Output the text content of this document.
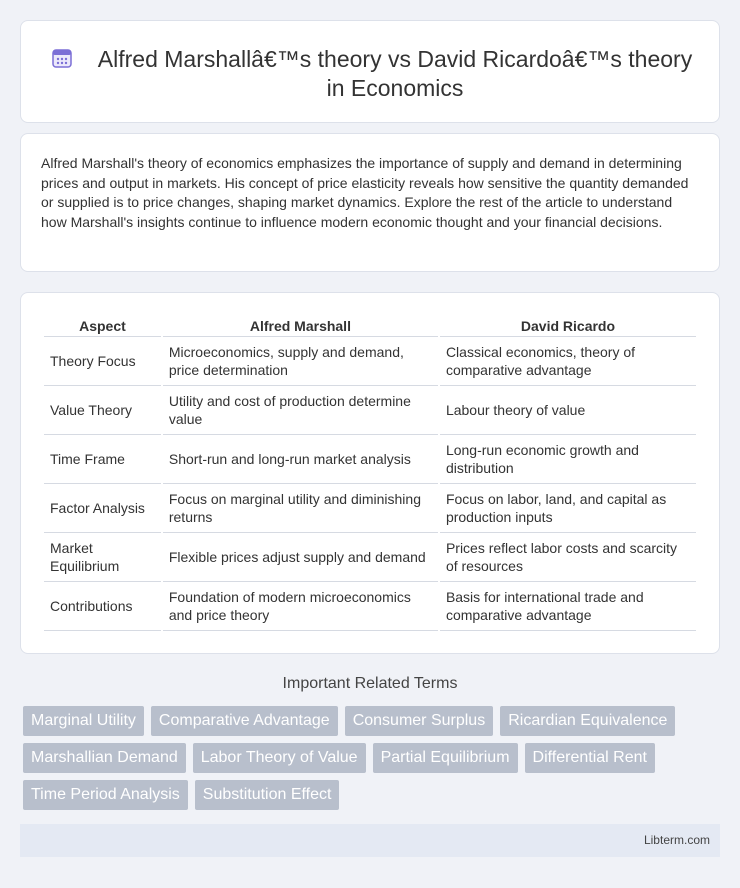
Alfred Marshallâ€™s theory vs David Ricardoâ€™s theory in Economics

Alfred Marshall's theory of economics emphasizes the importance of supply and demand in determining prices and output in markets. His concept of price elasticity reveals how sensitive the quantity demanded or supplied is to price changes, shaping market dynamics. Explore the rest of the article to understand how Marshall's insights continue to influence modern economic thought and your financial decisions.

Aspect	Alfred Marshall	David Ricardo
Theory Focus	Microeconomics, supply and demand, price determination	Classical economics, theory of comparative advantage
Value Theory	Utility and cost of production determine value	Labour theory of value
Time Frame	Short-run and long-run market analysis	Long-run economic growth and distribution
Factor Analysis	Focus on marginal utility and diminishing returns	Focus on labor, land, and capital as production inputs
Market Equilibrium	Flexible prices adjust supply and demand	Prices reflect labor costs and scarcity of resources
Contributions	Foundation of modern microeconomics and price theory	Basis for international trade and comparative advantage
Important Related Terms
Marginal Utility	Comparative Advantage	Consumer Surplus	Ricardian Equivalence
Marshallian Demand	Labor Theory of Value	Partial Equilibrium	Differential Rent
Time Period Analysis	Substitution Effect
Libterm.com
